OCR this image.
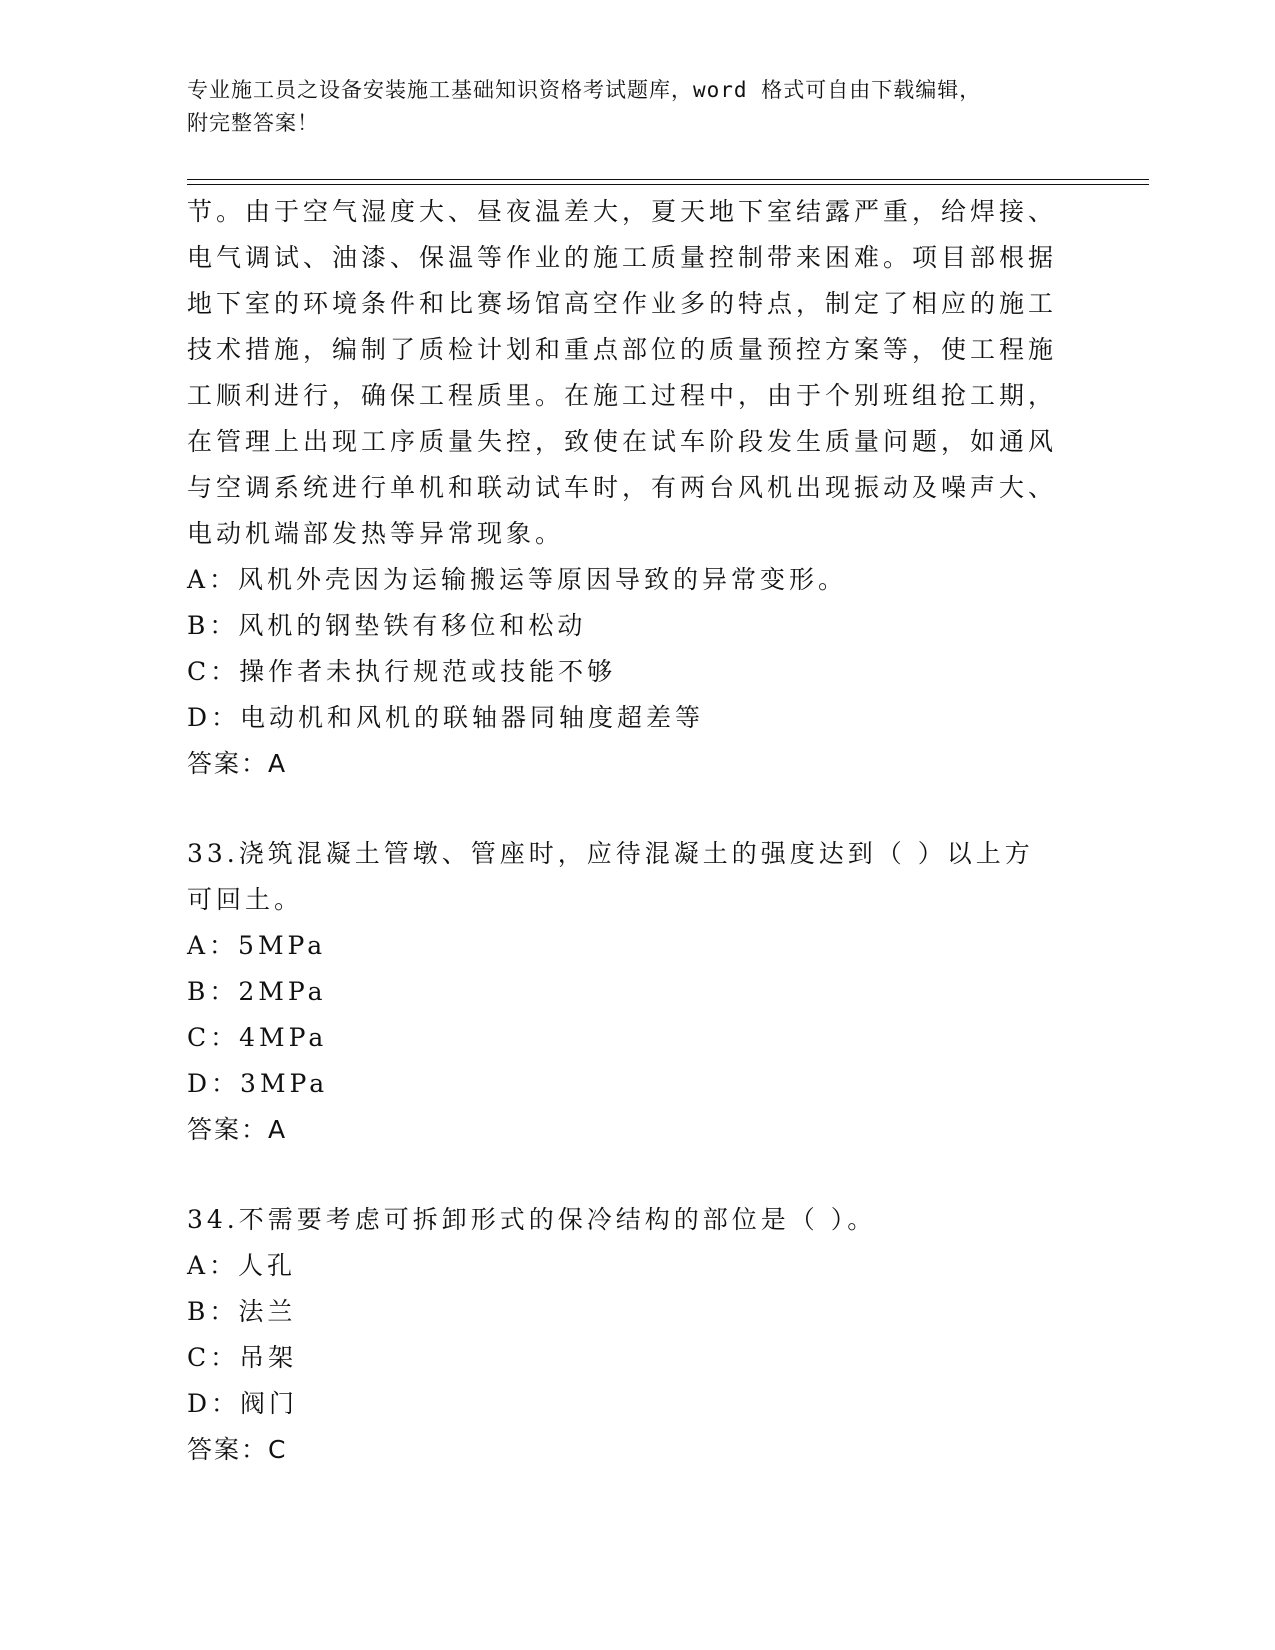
专业施工员之设备安装施工基础知识资格考试题库，word 格式可自由下载编辑，
附完整答案！
节。由于空气湿度大、昼夜温差大，夏天地下室结露严重，给焊接、电气调试、油漆、保温等作业的施工质量控制带来困难。项目部根据地下室的环境条件和比赛场馆高空作业多的特点，制定了相应的施工技术措施，编制了质检计划和重点部位的质量预控方案等，使工程施工顺利进行，确保工程质里。在施工过程中，由于个别班组抢工期，在管理上出现工序质量失控，致使在试车阶段发生质量问题，如通风与空调系统进行单机和联动试车时，有两台风机出现振动及噪声大、电动机端部发热等异常现象。
A：风机外壳因为运输搬运等原因导致的异常变形。
B：风机的钢垫铁有移位和松动
C：操作者未执行规范或技能不够
D：电动机和风机的联轴器同轴度超差等
答案：A
33.浇筑混凝土管墩、管座时，应待混凝土的强度达到（ ）以上方可回土。
A：5MPa
B：2MPa
C：4MPa
D：3MPa
答案：A
34.不需要考虑可拆卸形式的保冷结构的部位是（ ）。
A：人孔
B：法兰
C：吊架
D：阀门
答案：C
